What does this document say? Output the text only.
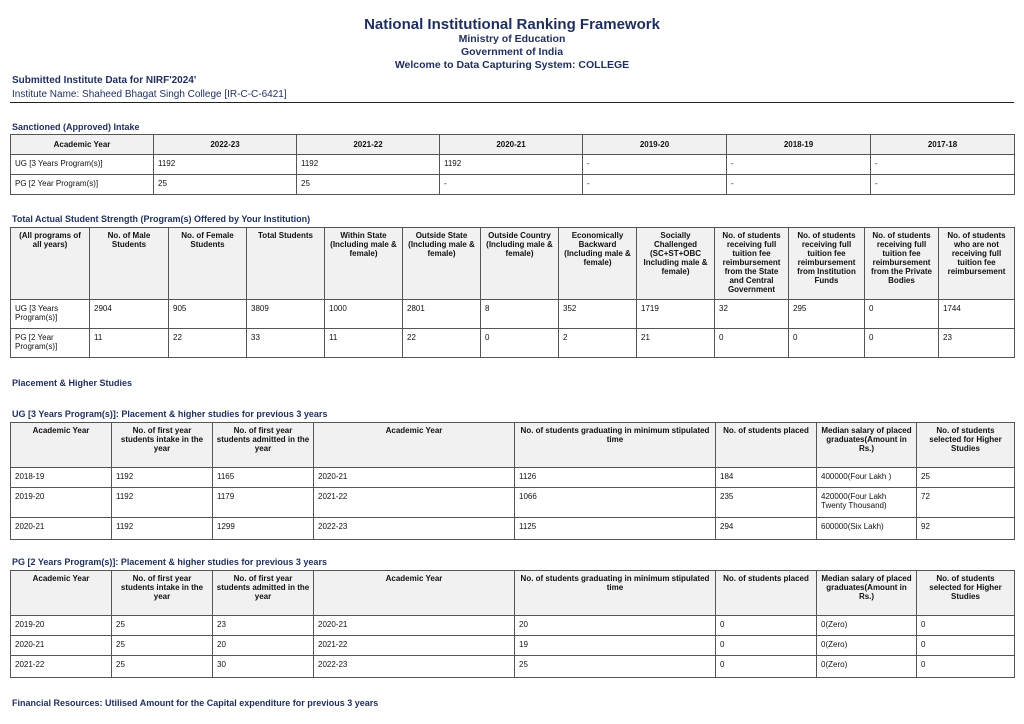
National Institutional Ranking Framework
Ministry of Education
Government of India
Welcome to Data Capturing System: COLLEGE
Submitted Institute Data for NIRF'2024'
Institute Name: Shaheed Bhagat Singh College [IR-C-C-6421]
Sanctioned (Approved) Intake
Academic Year	2022-23	2021-22	2020-21	2019-20	2018-19	2017-18
UG [3 Years Program(s)]	1192	1192	1192	-	-	-
PG [2 Year Program(s)]	25	25	-	-	-	-
Total Actual Student Strength (Program(s) Offered by Your Institution)
(All programs of all years)	No. of Male Students	No. of Female Students	Total Students	Within State (Including male & female)	Outside State (Including male & female)	Outside Country (Including male & female)	Economically Backward (Including male & female)	Socially Challenged (SC+ST+OBC Including male & female)	No. of students receiving full tuition fee reimbursement from the State and Central Government	No. of students receiving full tuition fee reimbursement from Institution Funds	No. of students receiving full tuition fee reimbursement from the Private Bodies	No. of students who are not receiving full tuition fee reimbursement
UG [3 Years Program(s)]	2904	905	3809	1000	2801	8	352	1719	32	295	0	1744
PG [2 Year Program(s)]	11	22	33	11	22	0	2	21	0	0	0	23
Placement & Higher Studies
UG [3 Years Program(s)]: Placement & higher studies for previous 3 years
Academic Year	No. of first year students intake in the year	No. of first year students admitted in the year	Academic Year	No. of students graduating in minimum stipulated time	No. of students placed	Median salary of placed graduates(Amount in Rs.)	No. of students selected for Higher Studies
2018-19	1192	1165	2020-21	1126	184	400000(Four Lakh )	25
2019-20	1192	1179	2021-22	1066	235	420000(Four Lakh Twenty Thousand)	72
2020-21	1192	1299	2022-23	1125	294	600000(Six Lakh)	92
PG [2 Years Program(s)]: Placement & higher studies for previous 3 years
Academic Year	No. of first year students intake in the year	No. of first year students admitted in the year	Academic Year	No. of students graduating in minimum stipulated time	No. of students placed	Median salary of placed graduates(Amount in Rs.)	No. of students selected for Higher Studies
2019-20	25	23	2020-21	20	0	0(Zero)	0
2020-21	25	20	2021-22	19	0	0(Zero)	0
2021-22	25	30	2022-23	25	0	0(Zero)	0
Financial Resources: Utilised Amount for the Capital expenditure for previous 3 years
